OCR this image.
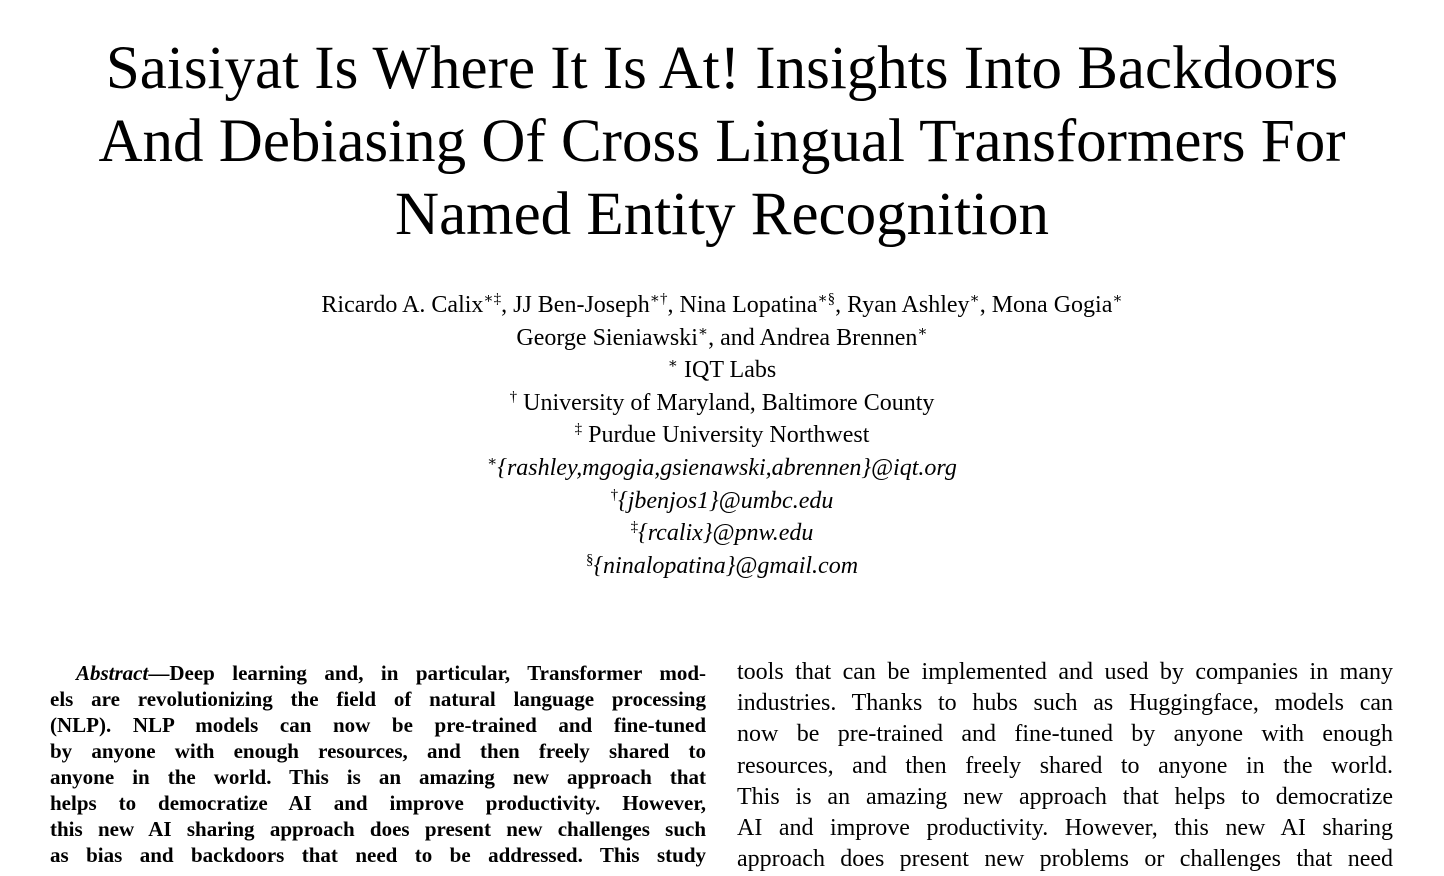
Saisiyat Is Where It Is At! Insights Into Backdoors
And Debiasing Of Cross Lingual Transformers For
Named Entity Recognition
Ricardo A. Calix∗‡, JJ Ben-Joseph∗†, Nina Lopatina∗§, Ryan Ashley∗, Mona Gogia∗
George Sieniawski∗, and Andrea Brennen∗
∗ IQT Labs
† University of Maryland, Baltimore County
‡ Purdue University Northwest
∗{rashley,mgogia,gsienawski,abrennen}@iqt.org
†{jbenjos1}@umbc.edu
‡{rcalix}@pnw.edu
§{ninalopatina}@gmail.com
Abstract—Deep learning and, in particular, Transformer mod-
els are revolutionizing the field of natural language processing
(NLP). NLP models can now be pre-trained and fine-tuned
by anyone with enough resources, and then freely shared to
anyone in the world. This is an amazing new approach that
helps to democratize AI and improve productivity. However,
this new AI sharing approach does present new challenges such
as bias and backdoors that need to be addressed. This study
tools that can be implemented and used by companies in many
industries. Thanks to hubs such as Huggingface, models can
now be pre-trained and fine-tuned by anyone with enough
resources, and then freely shared to anyone in the world.
This is an amazing new approach that helps to democratize
AI and improve productivity. However, this new AI sharing
approach does present new problems or challenges that need
